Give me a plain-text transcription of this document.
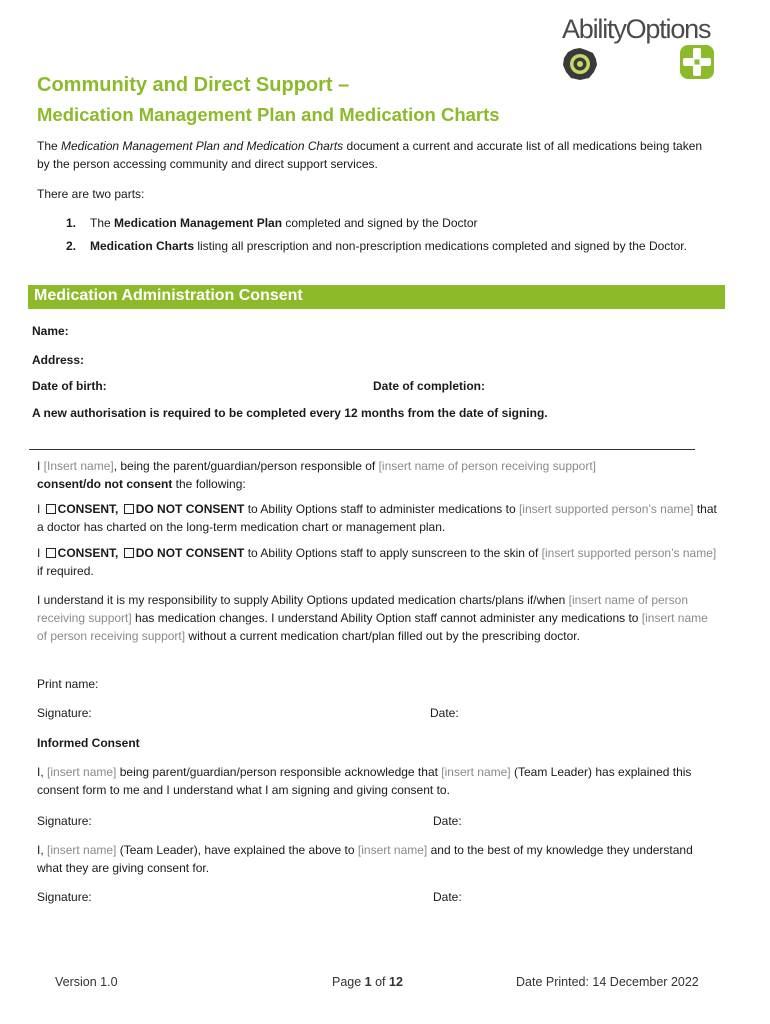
AbilityOptions
Community and Direct Support –
Medication Management Plan and Medication Charts
The Medication Management Plan and Medication Charts document a current and accurate list of all medications being taken by the person accessing community and direct support services.
There are two parts:
1.	The Medication Management Plan completed and signed by the Doctor
2.	Medication Charts listing all prescription and non-prescription medications completed and signed by the Doctor.
Medication Administration Consent
Name:
Address:
Date of birth:	Date of completion:
A new authorisation is required to be completed every 12 months from the date of signing.
I [Insert name], being the parent/guardian/person responsible of [insert name of person receiving support]
consent/do not consent the following:
I CONSENT, DO NOT CONSENT to Ability Options staff to administer medications to [insert supported person’s name] that a doctor has charted on the long-term medication chart or management plan.
I CONSENT, DO NOT CONSENT to Ability Options staff to apply sunscreen to the skin of [insert supported person’s name] if required.
I understand it is my responsibility to supply Ability Options updated medication charts/plans if/when [insert name of person receiving support] has medication changes. I understand Ability Option staff cannot administer any medications to [insert name of person receiving support] without a current medication chart/plan filled out by the prescribing doctor.
Print name:
Signature:	Date:
Informed Consent
I, [insert name] being parent/guardian/person responsible acknowledge that [insert name] (Team Leader) has explained this consent form to me and I understand what I am signing and giving consent to.
Signature:	Date:
I, [insert name] (Team Leader), have explained the above to [insert name] and to the best of my knowledge they understand what they are giving consent for.
Signature:	Date:
Version 1.0	Page 1 of 12	Date Printed: 14 December 2022
